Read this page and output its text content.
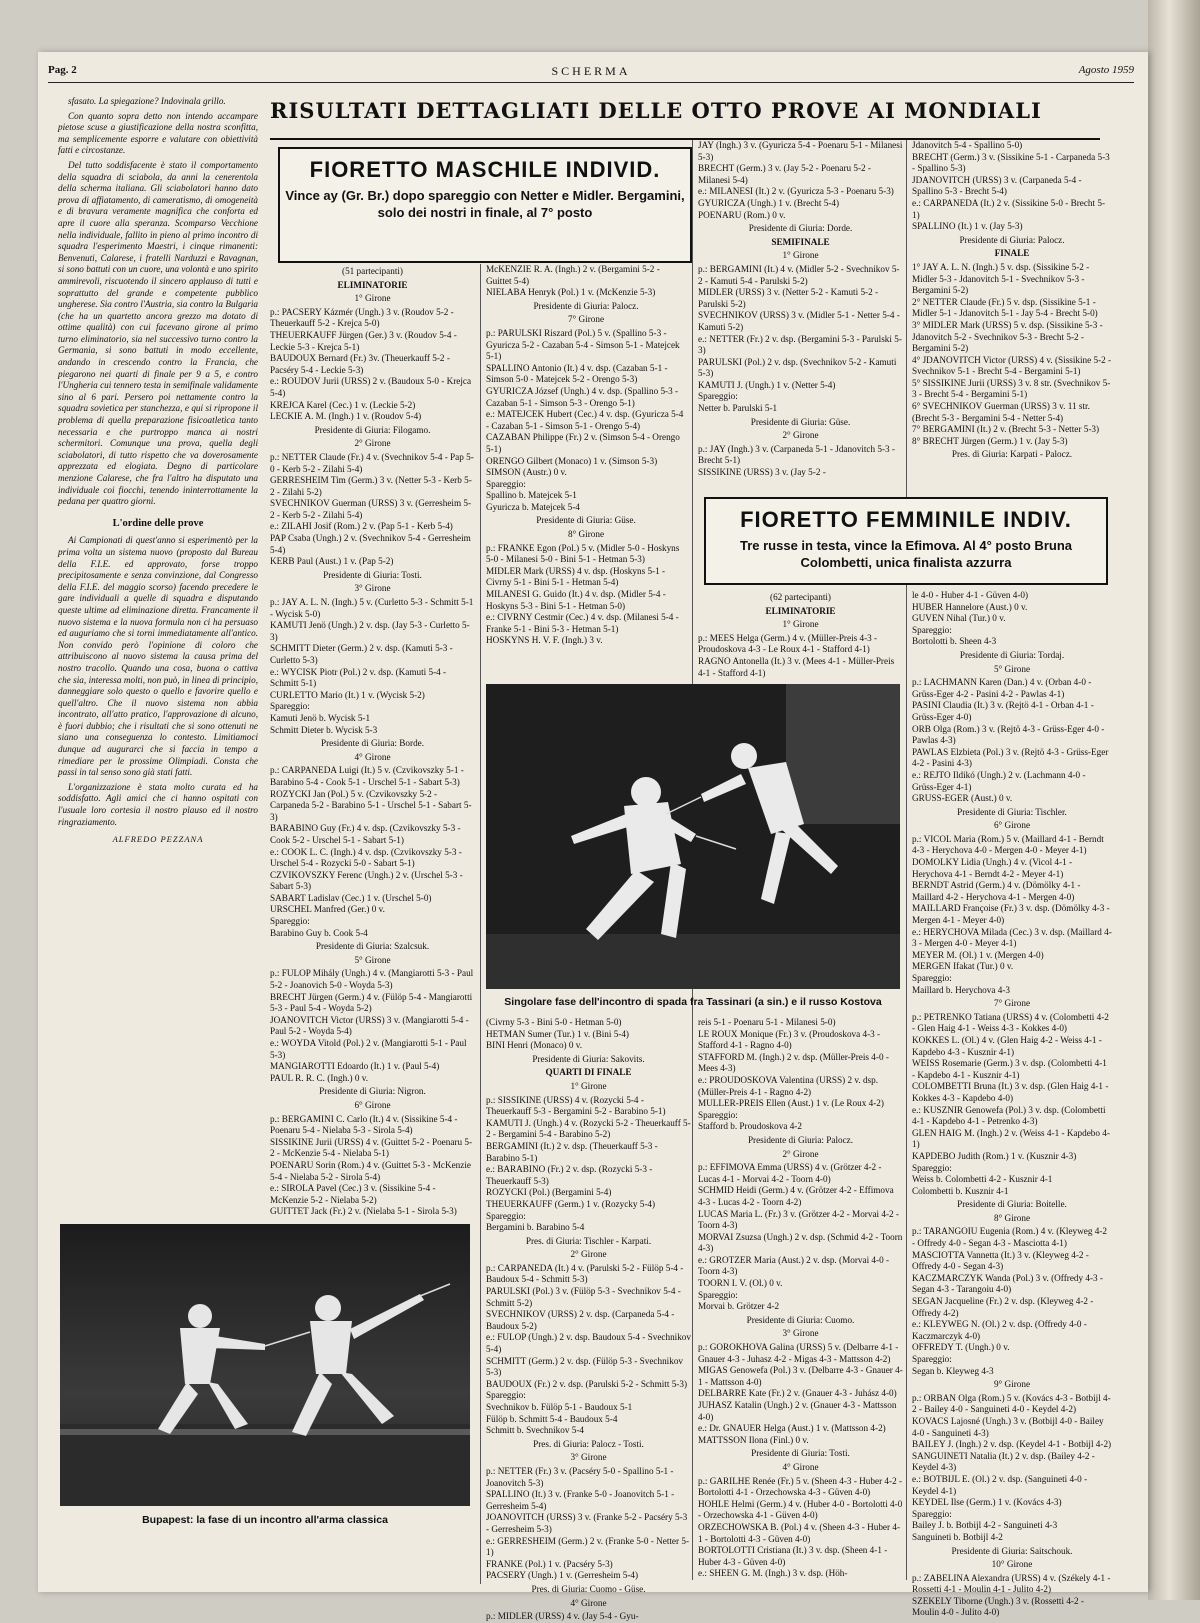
Pag. 2	SCHERMA	Agosto 1959

sfasato. La spiegazione? Indovinala grillo.

Con quanto sopra detto non intendo accampare pietose scuse a giustificazione della nostra sconfitta, ma semplicemente esporre e valutare con obiettività fatti e circostanze.

Del tutto soddisfacente è stato il comportamento della squadra di sciabola, da anni la cenerentola della scherma italiana. Gli sciabolatori hanno dato prova di affiatamento, di cameratismo, di omogeneità e di bravura veramente magnifica che conforta ed apre il cuore alla speranza. Scomparso Vecchione nella individuale, fallito in pieno al primo incontro di squadra l'esperimento Maestri, i cinque rimanenti: Benvenuti, Calarese, i fratelli Narduzzi e Ravagnan, si sono battuti con un cuore, una volontà e uno spirito ammirevoli, riscuotendo il sincero applauso di tutti e soprattutto del grande e competente pubblico ungherese. Sia contro l'Austria, sia contro la Bulgaria (che ha un quartetto ancora grezzo ma dotato di ottime qualità) con cui facevano girone al primo turno eliminatorio, sia nel successivo turno contro la Germania, si sono battuti in modo eccellente, andando in crescendo contro la Francia, che piegarono nei quarti di finale per 9 a 5, e contro l'Ungheria cui tennero testa in semifinale validamente sino al 6 pari. Persero poi nettamente contro la squadra sovietica per stanchezza, e qui si ripropone il problema di quella preparazione fisicoatletica tanto necessaria e che purtroppo manca ai nostri schermitori. Comunque una prova, quella degli sciabolatori, di tutto rispetto che va doverosamente apprezzata ed elogiata. Degno di particolare menzione Calarese, che fra l'altro ha disputato una individuale coi fiocchi, tenendo ininterrottamente la pedana per quattro giorni.

L'ordine delle prove

Ai Campionati di quest'anno si esperimentò per la prima volta un sistema nuovo (proposto dal Bureau della F.I.E. ed approvato, forse troppo precipitosamente e senza convinzione, dal Congresso della F.I.E. del maggio scorso) facendo precedere le gare individuali a quelle di squadra e disputando queste ultime ad eliminazione diretta. Francamente il nuovo sistema e la nuova formula non ci ha persuaso ed auguriamo che si torni immediatamente all'antico. Non convido però l'opinione di coloro che attribuiscono al nuovo sistema la causa prima del nostro tracollo. Quando una cosa, buona o cattiva che sia, interessa molti, non può, in linea di principio, danneggiare solo questo o quello e favorire quello e quell'altro. Che il nuovo sistema non abbia incontrato, all'atto pratico, l'approvazione di alcuno, è fuori dubbio; che i risultati che si sono ottenuti ne siano una conseguenza lo contesto. Limitiamoci dunque ad augurarci che si faccia in tempo a rimediare per le prossime Olimpiadi. Consta che passi in tal senso sono già stati fatti.

L'organizzazione è stata molto curata ed ha soddisfatto. Agli amici che ci hanno ospitati con l'usuale loro cortesia il nostro plauso ed il nostro ringraziamento.

ALFREDO PEZZANA
Bupapest: la fase di un incontro all'arma classica
RISULTATI DETTAGLIATI DELLE OTTO PROVE AI MONDIALI
FIORETTO MASCHILE INDIVID.
Vince ay (Gr. Br.) dopo spareggio con Netter e Midler. Bergamini, solo dei nostri in finale, al 7° posto
(51 partecipanti)
ELIMINATORIE
1° Girone
p.: PACSERY Kázmér (Ungh.) 3 v. (Roudov 5-2 - Theuerkauff 5-2 - Krejca 5-0)
THEUERKAUFF Jürgen (Ger.) 3 v. (Roudov 5-4 - Leckie 5-3 - Krejca 5-1)
BAUDOUX Bernard (Fr.) 3v. (Theuerkauff 5-2 - Pacséry 5-4 - Leckie 5-3)
e.: ROUDOV Jurii (URSS) 2 v. (Baudoux 5-0 - Krejca 5-4)
KREJCA Karel (Cec.) 1 v. (Leckie 5-2)
LECKIE A. M. (Ingh.) 1 v. (Roudov 5-4)
Presidente di Giuria: Filogamo.
2° Girone
p.: NETTER Claude (Fr.) 4 v. (Svechnikov 5-4 - Pap 5-0 - Kerb 5-2 - Zilahi 5-4)
GERRESHEIM Tim (Germ.) 3 v. (Netter 5-3 - Kerb 5-2 - Zilahi 5-2)
SVECHNIKOV Guerman (URSS) 3 v. (Gerresheim 5-2 - Kerb 5-2 - Zilahi 5-4)
e.: ZILAHI Josif (Rom.) 2 v. (Pap 5-1 - Kerb 5-4)
PAP Csaba (Ungh.) 2 v. (Svechnikov 5-4 - Gerresheim 5-4)
KERB Paul (Aust.) 1 v. (Pap 5-2)
Presidente di Giuria: Tosti.
3° Girone
p.: JAY A. L. N. (Ingh.) 5 v. (Curletto 5-3 - Schmitt 5-1 - Wycisk 5-0)
KAMUTI Jenö (Ungh.) 2 v. dsp. (Jay 5-3 - Curletto 5-3)
SCHMITT Dieter (Germ.) 2 v. dsp. (Kamuti 5-3 - Curletto 5-3)
e.: WYCISK Piotr (Pol.) 2 v. dsp. (Kamuti 5-4 - Schmitt 5-1)
CURLETTO Mario (It.) 1 v. (Wycisk 5-2)
Spareggio:
Kamuti Jenö b. Wycisk 5-1
Schmitt Dieter b. Wycisk 5-3
Presidente di Giuria: Borde.
4° Girone
p.: CARPANEDA Luigi (It.) 5 v. (Czvikovszky 5-1 - Barabino 5-4 - Cook 5-1 - Urschel 5-1 - Sabart 5-3)
ROZYCKI Jan (Pol.) 5 v. (Czvikovszky 5-2 - Carpaneda 5-2 - Barabino 5-1 - Urschel 5-1 - Sabart 5-3)
BARABINO Guy (Fr.) 4 v. dsp. (Czvikovszky 5-3 - Cook 5-2 - Urschel 5-1 - Sabart 5-1)
e.: COOK L. C. (Ingh.) 4 v. dsp. (Czvikovszky 5-3 - Urschel 5-4 - Rozycki 5-0 - Sabart 5-1)
CZVIKOVSZKY Ferenc (Ungh.) 2 v. (Urschel 5-3 - Sabart 5-3)
SABART Ladislav (Cec.) 1 v. (Urschel 5-0)
URSCHEL Manfred (Ger.) 0 v.
Spareggio:
Barabino Guy b. Cook 5-4
Presidente di Giuria: Szalcsuk.
5° Girone
p.: FULOP Mihály (Ungh.) 4 v. (Mangiarotti 5-3 - Paul 5-2 - Joanovich 5-0 - Woyda 5-3)
BRECHT Jürgen (Germ.) 4 v. (Fülöp 5-4 - Mangiarotti 5-3 - Paul 5-4 - Woyda 5-2)
JOANOVITCH Victor (URSS) 3 v. (Mangiarotti 5-4 - Paul 5-2 - Woyda 5-4)
e.: WOYDA Vitold (Pol.) 2 v. (Mangiarotti 5-1 - Paul 5-3)
MANGIAROTTI Edoardo (It.) 1 v. (Paul 5-4)
PAUL R. R. C. (Ingh.) 0 v.
Presidente di Giuria: Nigron.
6° Girone
p.: BERGAMINI C. Carlo (It.) 4 v. (Sissikine 5-4 - Poenaru 5-4 - Nielaba 5-3 - Sirola 5-4)
SISSIKINE Jurii (URSS) 4 v. (Guittet 5-2 - Poenaru 5-2 - McKenzie 5-4 - Nielaba 5-1)
POENARU Sorin (Rom.) 4 v. (Guittet 5-3 - McKenzie 5-4 - Nielaba 5-2 - Sirola 5-4)
e.: SIROLA Pavel (Cec.) 3 v. (Sissikine 5-4 - McKenzie 5-2 - Nielaba 5-2)
GUITTET Jack (Fr.) 2 v. (Nielaba 5-1 - Sirola 5-3)
McKENZIE R. A. (Ingh.) 2 v. (Bergamini 5-2 - Guittet 5-4)
NIELABA Henryk (Pol.) 1 v. (McKenzie 5-3)
Presidente di Giuria: Palocz.
7° Girone
p.: PARULSKI Riszard (Pol.) 5 v. (Spallino 5-3 - Gyuricza 5-2 - Cazaban 5-4 - Simson 5-1 - Matejcek 5-1)
SPALLINO Antonio (It.) 4 v. dsp. (Cazaban 5-1 - Simson 5-0 - Matejcek 5-2 - Orengo 5-3)
GYURICZA József (Ungh.) 4 v. dsp. (Spallino 5-3 - Cazaban 5-1 - Simson 5-3 - Orengo 5-1)
e.: MATEJCEK Hubert (Cec.) 4 v. dsp. (Gyuricza 5-4 - Cazaban 5-1 - Simson 5-1 - Orengo 5-4)
CAZABAN Philippe (Fr.) 2 v. (Simson 5-4 - Orengo 5-1)
ORENGO Gilbert (Monaco) 1 v. (Simson 5-3)
SIMSON (Austr.) 0 v.
Spareggio:
Spallino b. Matejcek 5-1
Gyuricza b. Matejcek 5-4
Presidente di Giuria: Güse.
8° Girone
p.: FRANKE Egon (Pol.) 5 v. (Midler 5-0 - Hoskyns 5-0 - Milanesi 5-0 - Bini 5-1 - Hetman 5-3)
MIDLER Mark (URSS) 4 v. dsp. (Hoskyns 5-1 - Civrny 5-1 - Bini 5-1 - Hetman 5-4)
MILANESI G. Guido (It.) 4 v. dsp. (Midler 5-4 - Hoskyns 5-3 - Bini 5-1 - Hetman 5-0)
e.: CIVRNY Cestmir (Cec.) 4 v. dsp. (Milanesi 5-4 - Franke 5-1 - Bini 5-3 - Hetman 5-1)
HOSKYNS H. V. F. (Ingh.) 3 v.
JAY (Ingh.) 3 v. (Gyuricza 5-4 - Poenaru 5-1 - Milanesi 5-3)
BRECHT (Germ.) 3 v. (Jay 5-2 - Poenaru 5-2 - Milanesi 5-4)
e.: MILANESI (It.) 2 v. (Gyuricza 5-3 - Poenaru 5-3)
GYURICZA (Ungh.) 1 v. (Brecht 5-4)
POENARU (Rom.) 0 v.
Presidente di Giuria: Dorde.
SEMIFINALE
1° Girone
p.: BERGAMINI (It.) 4 v. (Midler 5-2 - Svechnikov 5-2 - Kamuti 5-4 - Parulski 5-2)
MIDLER (URSS) 3 v. (Netter 5-2 - Kamuti 5-2 - Parulski 5-2)
SVECHNIKOV (URSS) 3 v. (Midler 5-1 - Netter 5-4 - Kamuti 5-2)
e.: NETTER (Fr.) 2 v. dsp. (Bergamini 5-3 - Parulski 5-3)
PARULSKI (Pol.) 2 v. dsp. (Svechnikov 5-2 - Kamuti 5-3)
KAMUTI J. (Ungh.) 1 v. (Netter 5-4)
Spareggio:
Netter b. Parulski 5-1
Presidente di Giuria: Güse.
2° Girone
p.: JAY (Ingh.) 3 v. (Carpaneda 5-1 - Jdanovitch 5-3 - Brecht 5-1)
SISSIKINE (URSS) 3 v. (Jay 5-2 -
Jdanovitch 5-4 - Spallino 5-0)
BRECHT (Germ.) 3 v. (Sissikine 5-1 - Carpaneda 5-3 - Spallino 5-3)
JDANOVITCH (URSS) 3 v. (Carpaneda 5-4 - Spallino 5-3 - Brecht 5-4)
e.: CARPANEDA (It.) 2 v. (Sissikine 5-0 - Brecht 5-1)
SPALLINO (It.) 1 v. (Jay 5-3)
Presidente di Giuria: Palocz.
FINALE
1° JAY A. L. N. (Ingh.) 5 v. dsp. (Sissikine 5-2 - Midler 5-3 - Jdanovitch 5-1 - Svechnikov 5-3 - Bergamini 5-2)
2° NETTER Claude (Fr.) 5 v. dsp. (Sissikine 5-1 - Midler 5-1 - Jdanovitch 5-1 - Jay 5-4 - Brecht 5-0)
3° MIDLER Mark (URSS) 5 v. dsp. (Sissikine 5-3 - Jdanovitch 5-2 - Svechnikov 5-3 - Brecht 5-2 - Bergamini 5-2)
4° JDANOVITCH Victor (URSS) 4 v. (Sissikine 5-2 - Svechnikov 5-1 - Brecht 5-4 - Bergamini 5-1)
5° SISSIKINE Jurii (URSS) 3 v. 8 str. (Svechnikov 5-3 - Brecht 5-4 - Bergamini 5-1)
6° SVECHNIKOV Guerman (URSS) 3 v. 11 str. (Brecht 5-3 - Bergamini 5-4 - Netter 5-4)
7° BERGAMINI (It.) 2 v. (Brecht 5-3 - Netter 5-3)
8° BRECHT Jürgen (Germ.) 1 v. (Jay 5-3)
Pres. di Giuria: Karpati - Palocz.
FIORETTO FEMMINILE INDIV.
Tre russe in testa, vince la Efimova. Al 4° posto Bruna Colombetti, unica finalista azzurra
(62 partecipanti)
ELIMINATORIE
1° Girone
p.: MEES Helga (Germ.) 4 v. (Müller-Preis 4-3 - Proudoskova 4-3 - Le Roux 4-1 - Stafford 4-1)
RAGNO Antonella (It.) 3 v. (Mees 4-1 - Müller-Preis 4-1 - Stafford 4-1)
le 4-0 - Huber 4-1 - Güven 4-0)
HUBER Hannelore (Aust.) 0 v.
GUVEN Nihal (Tur.) 0 v.
Spareggio:
Bortolotti b. Sheen 4-3
Presidente di Giuria: Tordaj.
5° Girone
p.: LACHMANN Karen (Dan.) 4 v. (Orban 4-0 - Grüss-Eger 4-2 - Pasini 4-2 - Pawlas 4-1)
PASINI Claudia (It.) 3 v. (Rejtö 4-1 - Orban 4-1 - Grüss-Eger 4-0)
ORB Olga (Rom.) 3 v. (Rejtö 4-3 - Grüss-Eger 4-0 - Pawlas 4-3)
PAWLAS Elzbieta (Pol.) 3 v. (Rejtö 4-3 - Grüss-Eger 4-2 - Pasini 4-3)
e.: REJTO Ildikó (Ungh.) 2 v. (Lachmann 4-0 - Grüss-Eger 4-1)
GRUSS-EGER (Aust.) 0 v.
Presidente di Giuria: Tischler.
6° Girone
p.: VICOL Maria (Rom.) 5 v. (Maillard 4-1 - Berndt 4-3 - Herychova 4-0 - Mergen 4-0 - Meyer 4-1)
DOMOLKY Lidia (Ungh.) 4 v. (Vicol 4-1 - Herychova 4-1 - Berndt 4-2 - Meyer 4-1)
BERNDT Astrid (Germ.) 4 v. (Dömölky 4-1 - Maillard 4-2 - Herychova 4-1 - Mergen 4-0)
MAILLARD Françoise (Fr.) 3 v. dsp. (Dömölky 4-3 - Mergen 4-1 - Meyer 4-0)
e.: HERYCHOVA Milada (Cec.) 3 v. dsp. (Maillard 4-3 - Mergen 4-0 - Meyer 4-1)
MEYER M. (Ol.) 1 v. (Mergen 4-0)
MERGEN Ifakat (Tur.) 0 v.
Spareggio:
Maillard b. Herychova 4-3
7° Girone
p.: PETRENKO Tatiana (URSS) 4 v. (Colombetti 4-2 - Glen Haig 4-1 - Weiss 4-3 - Kokkes 4-0)
KOKKES L. (Ol.) 4 v. (Glen Haig 4-2 - Weiss 4-1 - Kapdebo 4-3 - Kusznir 4-1)
WEISS Rosemarie (Germ.) 3 v. dsp. (Colombetti 4-1 - Kapdebo 4-1 - Kusznir 4-1)
COLOMBETTI Bruna (It.) 3 v. dsp. (Glen Haig 4-1 - Kokkes 4-3 - Kapdebo 4-0)
e.: KUSZNIR Genowefa (Pol.) 3 v. dsp. (Colombetti 4-1 - Kapdebo 4-1 - Petrenko 4-3)
GLEN HAIG M. (Ingh.) 2 v. (Weiss 4-1 - Kapdebo 4-1)
KAPDEBO Judith (Rom.) 1 v. (Kusznir 4-3)
Spareggio:
Weiss b. Colombetti 4-2 - Kusznir 4-1
Colombetti b. Kusznir 4-1
Presidente di Giuria: Boitelle.
8° Girone
p.: TARANGOIU Eugenia (Rom.) 4 v. (Kleyweg 4-2 - Offredy 4-0 - Segan 4-3 - Masciotta 4-1)
MASCIOTTA Vannetta (It.) 3 v. (Kleyweg 4-2 - Offredy 4-0 - Segan 4-3)
KACZMARCZYK Wanda (Pol.) 3 v. (Offredy 4-3 - Segan 4-3 - Tarangoiu 4-0)
SEGAN Jacqueline (Fr.) 2 v. dsp. (Kleyweg 4-2 - Offredy 4-2)
e.: KLEYWEG N. (Ol.) 2 v. dsp. (Offredy 4-0 - Kaczmarczyk 4-0)
OFFREDY T. (Ungh.) 0 v.
Spareggio:
Segan b. Kleyweg 4-3
9° Girone
p.: ORBAN Olga (Rom.) 5 v. (Kovács 4-3 - Botbijl 4-2 - Bailey 4-0 - Sanguineti 4-0 - Keydel 4-2)
KOVACS Lajosné (Ungh.) 3 v. (Botbijl 4-0 - Bailey 4-0 - Sanguineti 4-3)
BAILEY J. (Ingh.) 2 v. dsp. (Keydel 4-1 - Botbijl 4-2)
SANGUINETI Natalia (It.) 2 v. dsp. (Bailey 4-2 - Keydel 4-3)
e.: BOTBIJL E. (Ol.) 2 v. dsp. (Sanguineti 4-0 - Keydel 4-1)
KEYDEL Ilse (Germ.) 1 v. (Kovács 4-3)
Spareggio:
Bailey J. b. Botbijl 4-2 - Sanguineti 4-3
Sanguineti b. Botbijl 4-2
Presidente di Giuria: Saitschouk.
10° Girone
p.: ZABELINA Alexandra (URSS) 4 v. (Székely 4-1 - Rossetti 4-1 - Moulin 4-1 - Julito 4-2)
SZEKELY Tiborne (Ungh.) 3 v. (Rossetti 4-2 - Moulin 4-0 - Julito 4-0)
Singolare fase dell'incontro di spada fra Tassinari (a sin.) e il russo Kostova
(Civrny 5-3 - Bini 5-0 - Hetman 5-0)
HETMAN Sumer (Tur.) 1 v. (Bini 5-4)
BINI Henri (Monaco) 0 v.
Presidente di Giuria: Sakovits.
QUARTI DI FINALE
1° Girone
p.: SISSIKINE (URSS) 4 v. (Rozycki 5-4 - Theuerkauff 5-3 - Bergamini 5-2 - Barabino 5-1)
KAMUTI J. (Ungh.) 4 v. (Rozycki 5-2 - Theuerkauff 5-2 - Bergamini 5-4 - Barabino 5-2)
BERGAMINI (It.) 2 v. dsp. (Theuerkauff 5-3 - Barabino 5-1)
e.: BARABINO (Fr.) 2 v. dsp. (Rozycki 5-3 - Theuerkauff 5-3)
ROZYCKI (Pol.) (Bergamini 5-4)
THEUERKAUFF (Germ.) 1 v. (Rozycky 5-4)
Spareggio:
Bergamini b. Barabino 5-4
Pres. di Giuria: Tischler - Karpati.
2° Girone
p.: CARPANEDA (It.) 4 v. (Parulski 5-2 - Fülöp 5-4 - Baudoux 5-4 - Schmitt 5-3)
PARULSKI (Pol.) 3 v. (Fülöp 5-3 - Svechnikov 5-4 - Schmitt 5-2)
SVECHNIKOV (URSS) 2 v. dsp. (Carpaneda 5-4 - Baudoux 5-2)
e.: FULOP (Ungh.) 2 v. dsp. Baudoux 5-4 - Svechnikov 5-4)
SCHMITT (Germ.) 2 v. dsp. (Fülöp 5-3 - Svechnikov 5-3)
BAUDOUX (Fr.) 2 v. dsp. (Parulski 5-2 - Schmitt 5-3)
Spareggio:
Svechnikov b. Fülöp 5-1 - Baudoux 5-1
Fülöp b. Schmitt 5-4 - Baudoux 5-4
Schmitt b. Svechnikov 5-4
Pres. di Giuria: Palocz - Tosti.
3° Girone
p.: NETTER (Fr.) 3 v. (Pacséry 5-0 - Spallino 5-1 - Joanovitch 5-3)
SPALLINO (It.) 3 v. (Franke 5-0 - Joanovitch 5-1 - Gerresheim 5-4)
JOANOVITCH (URSS) 3 v. (Franke 5-2 - Pacséry 5-3 - Gerresheim 5-3)
e.: GERRESHEIM (Germ.) 2 v. (Franke 5-0 - Netter 5-1)
FRANKE (Pol.) 1 v. (Pacséry 5-3)
PACSERY (Ungh.) 1 v. (Gerresheim 5-4)
Pres. di Giuria: Cuomo - Güse.
4° Girone
p.: MIDLER (URSS) 4 v. (Jay 5-4 - Gyu-
reis 5-1 - Poenaru 5-1 - Milanesi 5-0)
LE ROUX Monique (Fr.) 3 v. (Proudoskova 4-3 - Stafford 4-1 - Ragno 4-0)
STAFFORD M. (Ingh.) 2 v. dsp. (Müller-Preis 4-0 - Mees 4-3)
e.: PROUDOSKOVA Valentina (URSS) 2 v. dsp. (Müller-Preis 4-1 - Ragno 4-2)
MULLER-PREIS Ellen (Aust.) 1 v. (Le Roux 4-2)
Spareggio:
Stafford b. Proudoskova 4-2
Presidente di Giuria: Palocz.
2° Girone
p.: EFFIMOVA Emma (URSS) 4 v. (Grötzer 4-2 - Lucas 4-1 - Morvai 4-2 - Toorn 4-0)
SCHMID Heidi (Germ.) 4 v. (Grötzer 4-2 - Effimova 4-3 - Lucas 4-2 - Toorn 4-2)
LUCAS Maria L. (Fr.) 3 v. (Grötzer 4-2 - Morvai 4-2 - Toorn 4-3)
MORVAI Zsuzsa (Ungh.) 2 v. dsp. (Schmid 4-2 - Toorn 4-3)
e.: GROTZER Maria (Aust.) 2 v. dsp. (Morvai 4-0 - Toorn 4-3)
TOORN I. V. (Ol.) 0 v.
Spareggio:
Morvai b. Grötzer 4-2
Presidente di Giuria: Cuomo.
3° Girone
p.: GOROKHOVA Galina (URSS) 5 v. (Delbarre 4-1 - Gnauer 4-3 - Juhasz 4-2 - Migas 4-3 - Mattsson 4-2)
MIGAS Genowefa (Pol.) 3 v. (Delbarre 4-3 - Gnauer 4-1 - Mattsson 4-0)
DELBARRE Kate (Fr.) 2 v. (Gnauer 4-3 - Juhász 4-0)
JUHASZ Katalin (Ungh.) 2 v. (Gnauer 4-3 - Mattsson 4-0)
e.: Dr. GNAUER Helga (Aust.) 1 v. (Mattsson 4-2)
MATTSSON Ilona (Finl.) 0 v.
Presidente di Giuria: Tosti.
4° Girone
p.: GARILHE Renée (Fr.) 5 v. (Sheen 4-3 - Huber 4-2 - Bortolotti 4-1 - Orzechowska 4-3 - Güven 4-0)
HOHLE Helmi (Germ.) 4 v. (Huber 4-0 - Bortolotti 4-0 - Orzechowska 4-1 - Güven 4-0)
ORZECHOWSKA B. (Pol.) 4 v. (Sheen 4-3 - Huber 4-1 - Bortolotti 4-3 - Güven 4-0)
BORTOLOTTI Cristiana (It.) 3 v. dsp. (Sheen 4-1 - Huber 4-3 - Güven 4-0)
e.: SHEEN G. M. (Ingh.) 3 v. dsp. (Höh-
